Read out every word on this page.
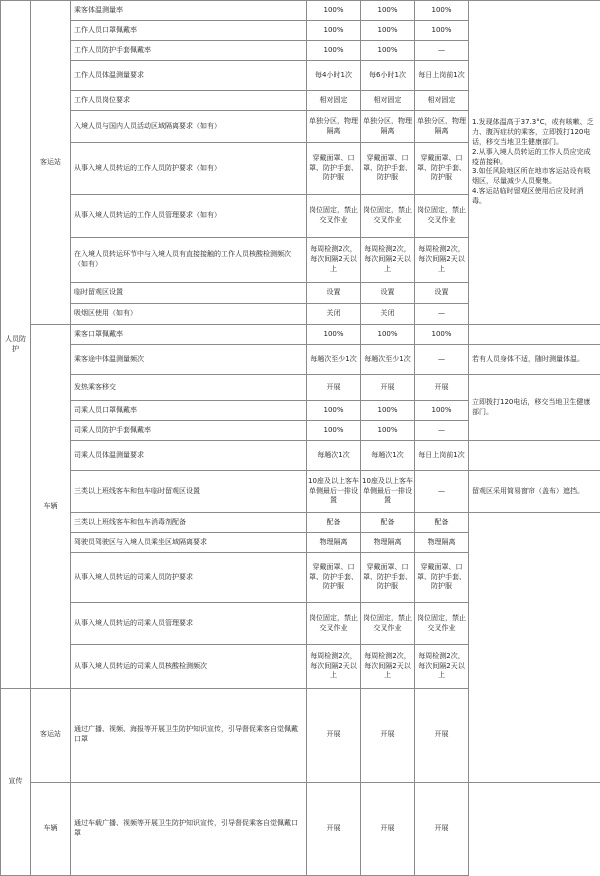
人员防护	客运站	乘客体温测量率	100%	100%	100%	1.发现体温高于37.3°C，或有咳嗽、乏力、腹泻症状的乘客，立即拨打120电话，移交当地卫生健康部门。

2.从事入境人员转运的工作人员应完成疫苗接种。

3.如任风险地区所在地市客运站设有吸烟区，尽量减少人员聚集。

4.客运站临时留观区使用后应及时消毒。	

		工作人员口罩佩戴率	100%	100%	100%		
		工作人员防护手套佩戴率	100%	100%	—		
		工作人员体温测量要求	每4小时1次	每6小时1次	每日上岗前1次		
		工作人员岗位要求	相对固定	相对固定	相对固定		
		入境人员与国内人员活动区域隔离要求（如有）	单独分区，物理隔离	单独分区，物理隔离	单独分区，物理隔离		
		从事入境人员转运的工作人员防护要求（如有）	穿戴面罩、口罩、防护手套、防护服	穿戴面罩、口罩、防护手套、防护服	穿戴面罩、口罩、防护手套、防护服		
		从事入境人员转运的工作人员管理要求（如有）	岗位固定，禁止交叉作业	岗位固定，禁止交叉作业	岗位固定，禁止交叉作业		
		在入境人员转运环节中与入境人员有直接接触的工作人员核酸检测频次（如有）	每周检测2次，每次间隔2天以上	每周检测2次，每次间隔2天以上	每周检测2次，每次间隔2天以上		
		临时留观区设置	设置	设置	设置		
		吸烟区使用（如有）	关闭	关闭	—		
	车辆	乘客口罩佩戴率	100%	100%	100%		
		乘客途中体温测量频次	每趟次至少1次	每趟次至少1次	—	若有人员身体不适，随时测量体温。	
		发热乘客移交	开展	开展	开展	立即拨打120电话，移交当地卫生健康部门。	
		司乘人员口罩佩戴率	100%	100%	100%		
		司乘人员防护手套佩戴率	100%	100%	—		
		司乘人员体温测量要求	每趟次1次	每趟次1次	每日上岗前1次		
		三类以上班线客车和包车临时留观区设置	10座及以上客车单侧最后一排设置	10座及以上客车单侧最后一排设置	—	留观区采用简易窗帘（盖布）遮挡。	
		三类以上班线客车和包车消毒剂配备	配备	配备	配备		
		驾驶员驾驶区与入境人员乘坐区域隔离要求	物理隔离	物理隔离	物理隔离		
		从事入境人员转运的司乘人员防护要求	穿戴面罩、口罩、防护手套、防护服	穿戴面罩、口罩、防护手套、防护服	穿戴面罩、口罩、防护手套、防护服		
		从事入境人员转运的司乘人员管理要求	岗位固定，禁止交叉作业	岗位固定，禁止交叉作业	岗位固定，禁止交叉作业		
		从事入境人员转运的司乘人员核酸检测频次	每周检测2次，每次间隔2天以上	每周检测2次，每次间隔2天以上	每周检测2次，每次间隔2天以上		
宣传	客运站	通过广播、视频、海报等开展卫生防护知识宣传，引导督促乘客自觉佩戴口罩	开展	开展	开展	
	车辆	通过车载广播、视频等开展卫生防护知识宣传，引导督促乘客自觉佩戴口罩	开展	开展	开展		
